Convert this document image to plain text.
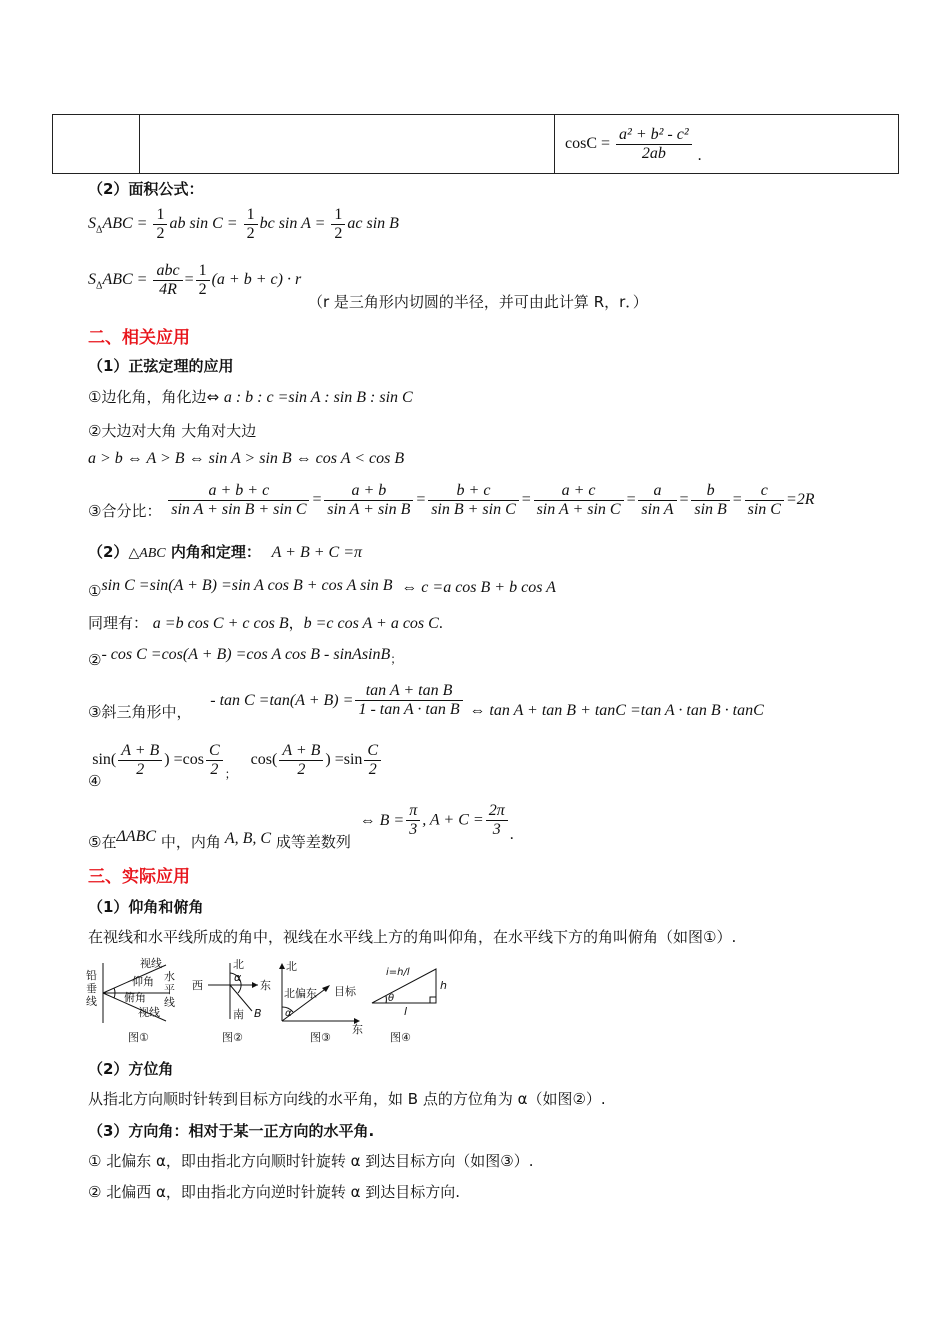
$\cos C = \frac{\text{a² + b² - c²}}{2ab}$ .
（2）面积公式：
$S_\Delta ABC = \frac{1}{2}$ ab $\sin C = \frac{1}{2}$ bc $\sin A = \frac{1}{2}$ ac sin B
$S_\Delta ABC = \frac{\text{abc}}{4R} = \frac{1}{2} (a + b + c) \cdot r$
（r 是三角形内切圆的半径，并可由此计算 R，r．）
二、相关应用
（1）正弦定理的应用
①边化角，角化边⇔ a : b : c =sin A : sin B : sin C
②大边对大角 大角对大边
a > b ⇔ A > B ⇔ sin A > sin B ⇔ cos A < cos B
③合分比： $\frac{a + b + c}{\text{sin A + sin B + sin C}} = \frac{a + b}{\text{sin A + sin B}} = \frac{b + c}{\text{sin B + sin C}} = \frac{a + c}{\text{sin A + sin C}} = \frac{a}{\text{sin A}} = \frac{b}{\text{sin B}} = \frac{c}{\text{sin C}} =2R$
（2）△ABC 内角和定理： A + B + C =π
①sin C =sin(A + B) =sin A cos B + cos A sin B ⇔ c =a cos B + b cos A
同理有： a =b cos C + c cos B，b =c cos A + a cos C.
②- cos C =cos(A + B) =cos A cos B - sinAsinB$_;$
③斜三角形中， - $\tan C =\tan(A + B) = \frac{\text{tan A + tan B}}{\text{1 - tan A · tan B}}$ ⇔ tan A + tan B + tanC =tan A · tan B · tanC
④ $\sin( \frac{A + B}{2}$ ) $=\cos \frac{C}{2} _;$ $\cos( \frac{A + B}{2}$ ) $=\sin \frac{C}{2}$
⑤在ΔABC 中，内角 A, B, C 成等差数列 ⇔ $B = \frac{\pi}{3}$ , $A + C = \frac{2\pi}{3}$ .
三、实际应用
（1）仰角和俯角
在视线和水平线所成的角中，视线在水平线上方的角叫仰角，在水平线下方的角叫俯角（如图①）.
铅
垂
线
视线
仰角 水
平
线
俯角
视线
图①
北
西	东
南
α
B
图②
北
北偏东 目标
东
α
图③
i=h/l
h
l
θ
图④
（2）方位角
从指北方向顺时针转到目标方向线的水平角，如 B 点的方位角为 α（如图②）.
（3）方向角：相对于某一正方向的水平角.
① 北偏东 α，即由指北方向顺时针旋转 α 到达目标方向（如图③）.
② 北偏西 α，即由指北方向逆时针旋转 α 到达目标方向.
